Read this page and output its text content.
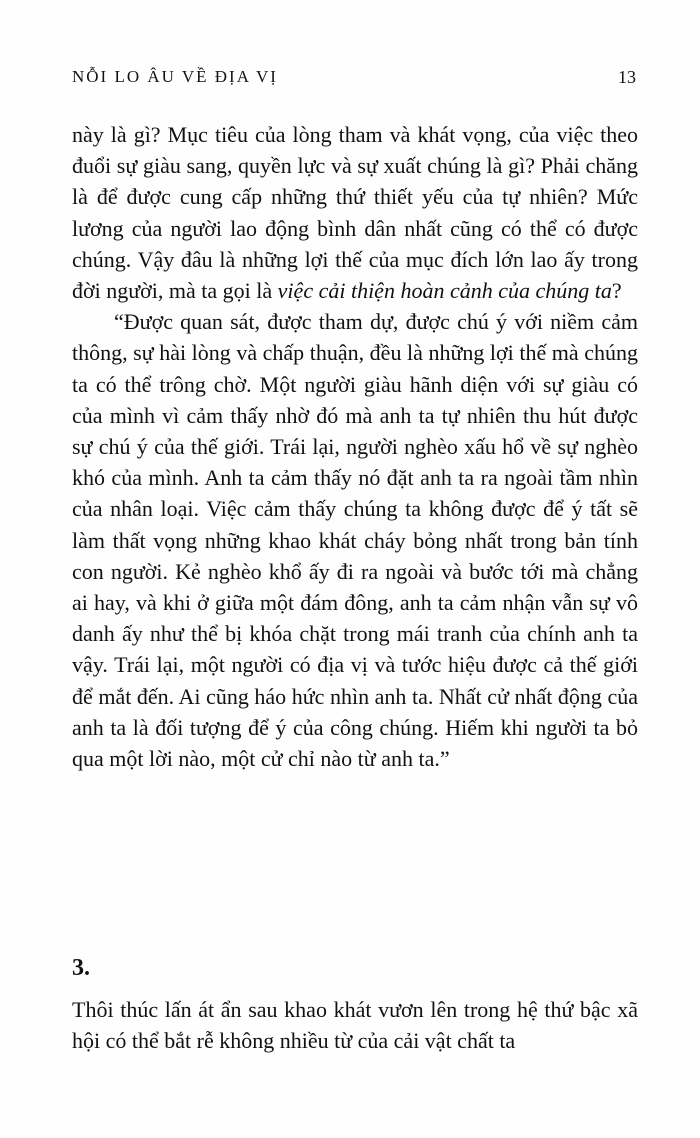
NỖI LO ÂU VỀ ĐỊA VỊ	13

này là gì? Mục tiêu của lòng tham và khát vọng, của việc theo đuổi sự giàu sang, quyền lực và sự xuất chúng là gì? Phải chăng là để được cung cấp những thứ thiết yếu của tự nhiên? Mức lương của người lao động bình dân nhất cũng có thể có được chúng. Vậy đâu là những lợi thế của mục đích lớn lao ấy trong đời người, mà ta gọi là việc cải thiện hoàn cảnh của chúng ta?

“Được quan sát, được tham dự, được chú ý với niềm cảm thông, sự hài lòng và chấp thuận, đều là những lợi thế mà chúng ta có thể trông chờ. Một người giàu hãnh diện với sự giàu có của mình vì cảm thấy nhờ đó mà anh ta tự nhiên thu hút được sự chú ý của thế giới. Trái lại, người nghèo xấu hổ về sự nghèo khó của mình. Anh ta cảm thấy nó đặt anh ta ra ngoài tầm nhìn của nhân loại. Việc cảm thấy chúng ta không được để ý tất sẽ làm thất vọng những khao khát cháy bỏng nhất trong bản tính con người. Kẻ nghèo khổ ấy đi ra ngoài và bước tới mà chẳng ai hay, và khi ở giữa một đám đông, anh ta cảm nhận vẫn sự vô danh ấy như thể bị khóa chặt trong mái tranh của chính anh ta vậy. Trái lại, một người có địa vị và tước hiệu được cả thế giới để mắt đến. Ai cũng háo hức nhìn anh ta. Nhất cử nhất động của anh ta là đối tượng để ý của công chúng. Hiếm khi người ta bỏ qua một lời nào, một cử chỉ nào từ anh ta.”

3.

Thôi thúc lấn át ẩn sau khao khát vươn lên trong hệ thứ bậc xã hội có thể bắt rễ không nhiều từ của cải vật chất ta
